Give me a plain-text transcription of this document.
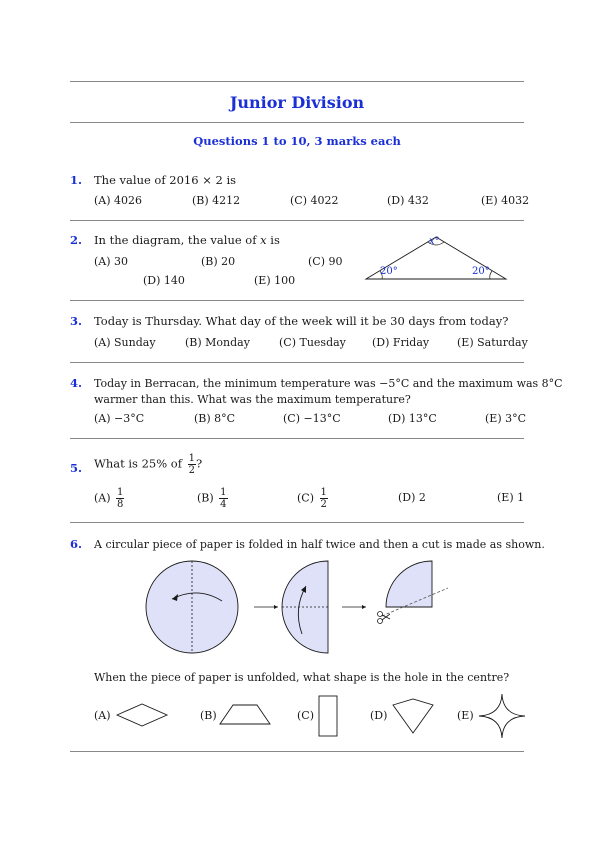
Junior Division
Questions 1 to 10, 3 marks each
1. The value of 2016 × 2 is
(A) 4026	(B) 4212	(C) 4022	(D) 432	(E) 4032
2. In the diagram, the value of x is
(A) 30	(B) 20	(C) 90
(D) 140	(E) 100
x°
20°	20°
3. Today is Thursday. What day of the week will it be 30 days from today?
(A) Sunday	(B) Monday	(C) Tuesday (D) Friday	(E) Saturday
4. Today in Berracan, the minimum temperature was −5°C and the maximum was 8°C
warmer than this. What was the maximum temperature?
(A) −3°C	(B) 8°C	(C) −13°C	(D) 13°C	(E) 3°C
5. What is 25% of $\frac{1}{2}$ ?
$(A) \frac{1}{8}$	$(B) \frac{1}{4}$	$(C) \frac{1}{2}$	(D) 2	(E) 1
6. A circular piece of paper is folded in half twice and then a cut is made as shown.
When the piece of paper is unfolded, what shape is the hole in the centre?
(A)	(B)	(C)	(D)	(E)
